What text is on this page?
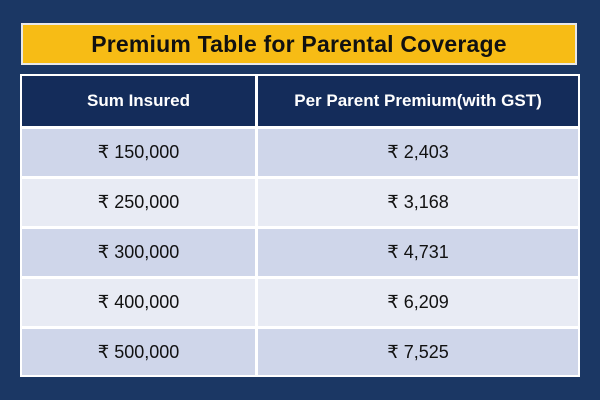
Premium Table for Parental Coverage
Sum Insured	Per Parent Premium(with GST)
₹ 150,000	₹ 2,403
₹ 250,000	₹ 3,168
₹ 300,000	₹ 4,731
₹ 400,000	₹ 6,209
₹ 500,000	₹ 7,525
